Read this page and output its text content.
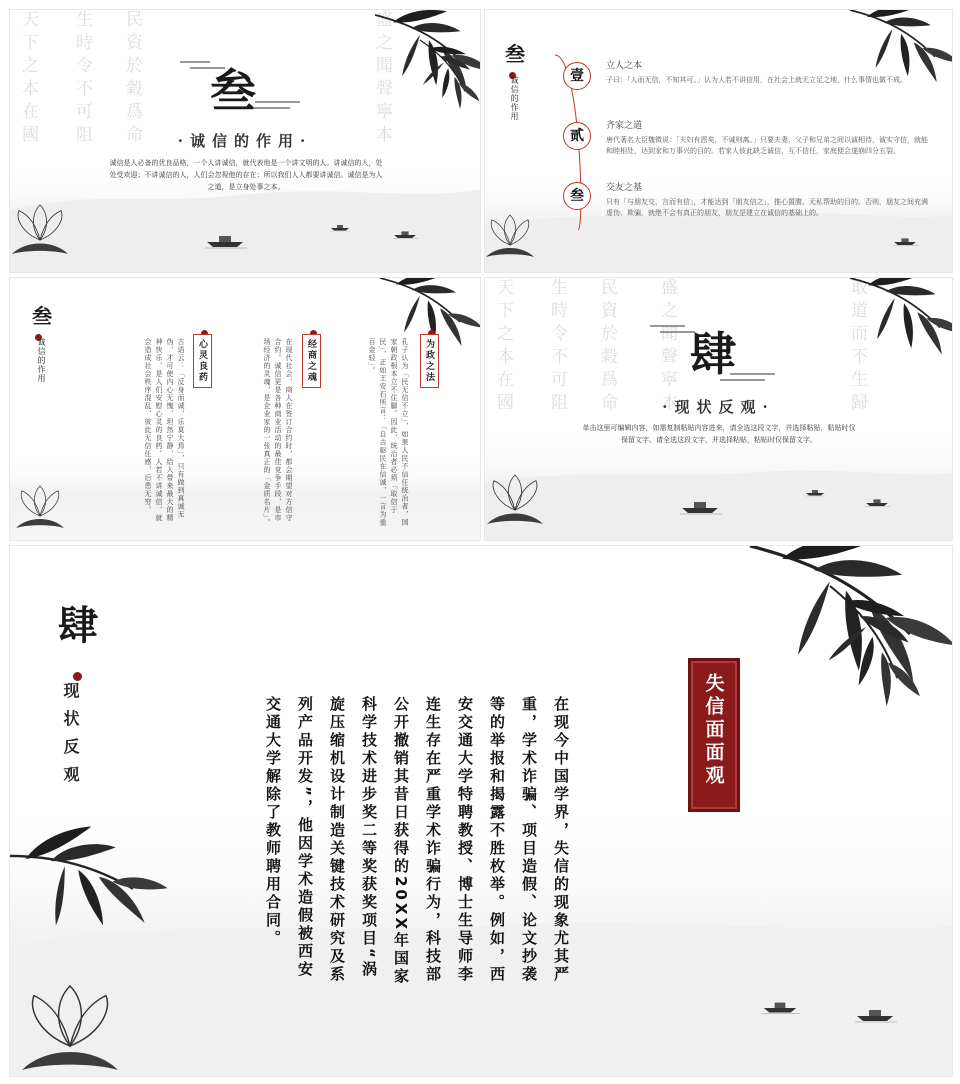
天下之本在國 生時令不可阻 民資於穀爲命	盛之聞聲寧本
叁
·诚信的作用·
诚信是人必备的优良品格，一个人讲诚信，就代表他是一个讲文明的人。讲诚信的人，处处受欢迎；不讲诚信的人，人们会忽视他的存在；所以我们人人都要讲诚信。诚信是为人之道，是立身处事之本。
叁
诚信的作用	壹
贰
叁
立人之本
子曰：「人而无信，不知其可。」认为人若不讲信用，在社会上就无立足之地，什么事情也做不成。
齐家之道
唐代著名大臣魏徵说：「夫妇有恩矣，不诚则离。」只要夫妻、父子和兄弟之间以诚相待，诚实守信，就能和睦相处，达到家和万事兴的目的。若家人彼此缺乏诚信、互不信任，家庭便会遂崩四分五裂。
交友之基
只有「与朋友交，言而有信」，才能达到「朋友信之」，推心置腹、无私帮助的目的。否则，朋友之间充满虚伪、欺骗，就绝不会有真正的朋友，朋友是建立在诚信的基础上的。
叁
诚信的作用	为政之法
孔子认为「民无信不立」，如果人民不信任统治者，国家朝政根本立不住脚。因此，统治者必须「取信于民」，正如王安石所言：「自古驱民在信诚，一言为重百金轻」。
经商之魂
在现代社会，商人在签订合约时，都会期望对方信守合约。诚信更是各种商业活动的最佳竞争手段，是市场经济的灵魂，是企业家的一张真正的「金质名片」。
心灵良药
古语云：「反身而诚，乐莫大焉」，只有做到真诚无伪，才可使内心无愧，坦然宁静，给人带来最大的精神快乐，是人们安慰心灵的良药。人若不讲诚信，就会造成社会秩序混乱，彼此无信任感，后患无穷。	天下之本在國 生時令不可阻 民資於穀爲命 盛之聞聲寧本	取道而不生歸
肆
·现状反观·
单击这里可编辑内容，如需复制粘贴内容进来，请全选这段文字，并选择粘贴，粘贴时仅保留文字。请全选这段文字，并选择粘贴，粘贴时仅保留文字。
肆
现状反观	失信面面观
在现今中国学界，失信的现象尤其严
重，学术诈骗、项目造假、论文抄袭
等的举报和揭露不胜枚举。例如，西
安交通大学特聘教授、博士生导师李
连生存在严重学术诈骗行为，科技部
公开撤销其昔日获得的20XX年国家
科学技术进步奖二等奖获奖项目“涡
旋压缩机设计制造关键技术研究及系
列产品开发”，他因学术造假被西安
交通大学解除了教师聘用合同。
